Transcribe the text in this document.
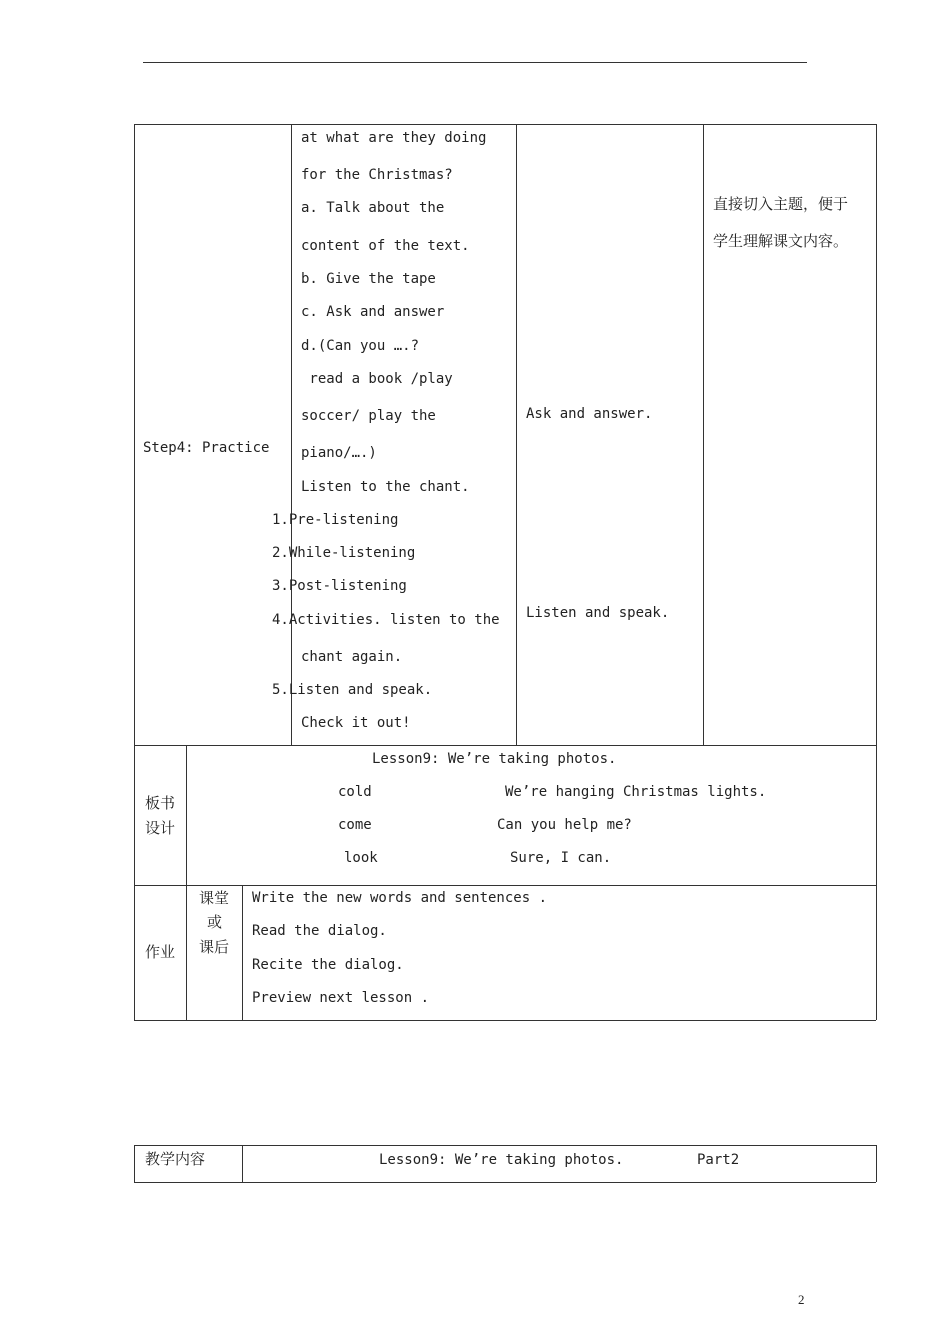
Step4: Practice
at what are they doing
for the Christmas?
a. Talk about the
content of the text.
b. Give the tape
c. Ask and answer
d.(Can you ….?
read a book /play
soccer/ play the
piano/….)
Listen to the chant.
1.Pre-listening
2.While-listening
3.Post-listening
4.Activities. listen to the
chant again.
5.Listen and speak.
Check it out!
Ask and answer.
Listen and speak.
直接切入主题，便于
学生理解课文内容。
板书
设计
Lesson9: We’re taking photos.
cold
come
look
We’re hanging Christmas lights.
Can you help me?
Sure, I can.
作业
课堂
或
课后
Write the new words and sentences .
Read the dialog.
Recite the dialog.
Preview next lesson .
教学内容	Lesson9: We’re taking photos.	Part2
2
